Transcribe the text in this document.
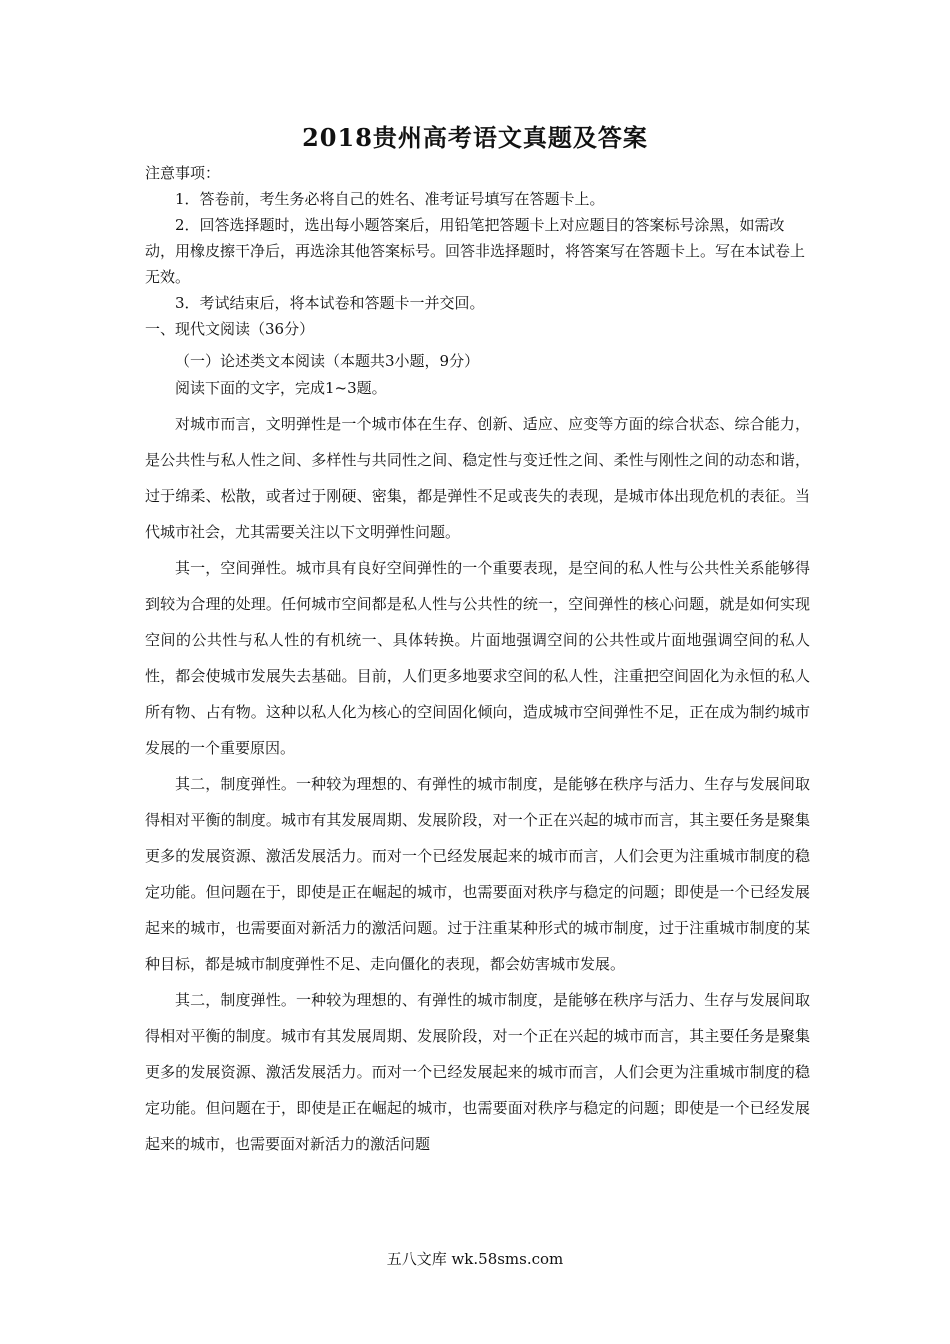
2018贵州高考语文真题及答案

注意事项：

1．答卷前，考生务必将自己的姓名、准考证号填写在答题卡上。

2．回答选择题时，选出每小题答案后，用铅笔把答题卡上对应题目的答案标号涂黑，如需改动，用橡皮擦干净后，再选涂其他答案标号。回答非选择题时，将答案写在答题卡上。写在本试卷上无效。

3．考试结束后，将本试卷和答题卡一并交回。

一、现代文阅读（36分）

（一）论述类文本阅读（本题共3小题，9分）

阅读下面的文字，完成1~3题。

对城市而言，文明弹性是一个城市体在生存、创新、适应、应变等方面的综合状态、综合能力，是公共性与私人性之间、多样性与共同性之间、稳定性与变迁性之间、柔性与刚性之间的动态和谐，过于绵柔、松散，或者过于刚硬、密集，都是弹性不足或丧失的表现，是城市体出现危机的表征。当代城市社会，尤其需要关注以下文明弹性问题。

其一，空间弹性。城市具有良好空间弹性的一个重要表现，是空间的私人性与公共性关系能够得到较为合理的处理。任何城市空间都是私人性与公共性的统一，空间弹性的核心问题，就是如何实现空间的公共性与私人性的有机统一、具体转换。片面地强调空间的公共性或片面地强调空间的私人性，都会使城市发展失去基础。目前，人们更多地要求空间的私人性，注重把空间固化为永恒的私人所有物、占有物。这种以私人化为核心的空间固化倾向，造成城市空间弹性不足，正在成为制约城市发展的一个重要原因。

其二，制度弹性。一种较为理想的、有弹性的城市制度，是能够在秩序与活力、生存与发展间取得相对平衡的制度。城市有其发展周期、发展阶段，对一个正在兴起的城市而言，其主要任务是聚集更多的发展资源、激活发展活力。而对一个已经发展起来的城市而言，人们会更为注重城市制度的稳定功能。但问题在于，即使是正在崛起的城市，也需要面对秩序与稳定的问题；即使是一个已经发展起来的城市，也需要面对新活力的激活问题。过于注重某种形式的城市制度，过于注重城市制度的某种目标，都是城市制度弹性不足、走向僵化的表现，都会妨害城市发展。

其二，制度弹性。一种较为理想的、有弹性的城市制度，是能够在秩序与活力、生存与发展间取得相对平衡的制度。城市有其发展周期、发展阶段，对一个正在兴起的城市而言，其主要任务是聚集更多的发展资源、激活发展活力。而对一个已经发展起来的城市而言，人们会更为注重城市制度的稳定功能。但问题在于，即使是正在崛起的城市，也需要面对秩序与稳定的问题；即使是一个已经发展起来的城市，也需要面对新活力的激活问题

五八文库 wk.58sms.com
